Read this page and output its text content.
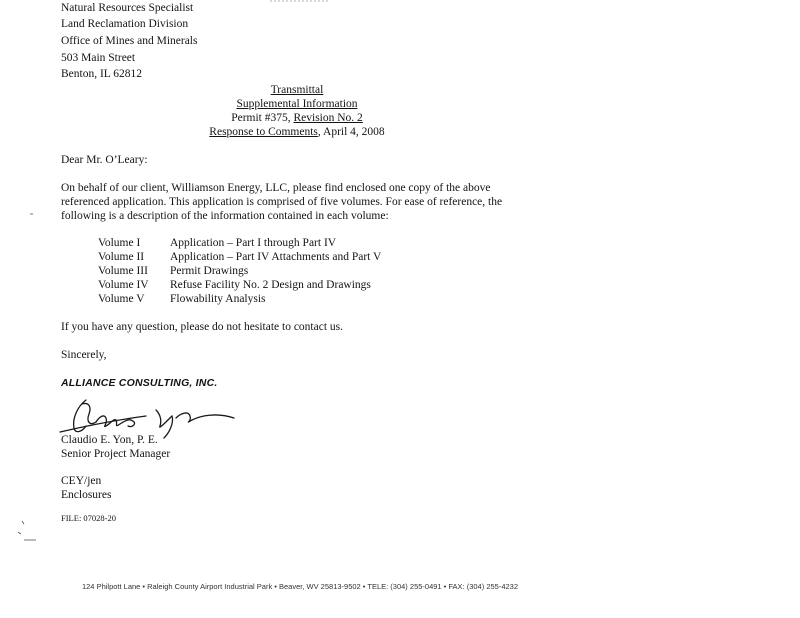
Natural Resources Specialist
Land Reclamation Division
Office of Mines and Minerals
503 Main Street
Benton, IL 62812
Transmittal
Supplemental Information
Permit #375, Revision No. 2
Response to Comments, April 4, 2008
Dear Mr. O’Leary:
On behalf of our client, Williamson Energy, LLC, please find enclosed one copy of the above referenced application. This application is comprised of five volumes. For ease of reference, the following is a description of the information contained in each volume:
Volume I	Application – Part I through Part IV
Volume II Application – Part IV Attachments and Part V
Volume III Permit Drawings
Volume IV Refuse Facility No. 2 Design and Drawings
Volume V Flowability Analysis
If you have any question, please do not hesitate to contact us.
Sincerely,
ALLIANCE CONSULTING, INC.
Claudio E. Yon, P. E.
Senior Project Manager
CEY/jen
Enclosures
FILE: 07028-20
124 Philpott Lane • Raleigh County Airport Industrial Park • Beaver, WV 25813-9502 • TELE: (304) 255-0491 • FAX: (304) 255-4232
